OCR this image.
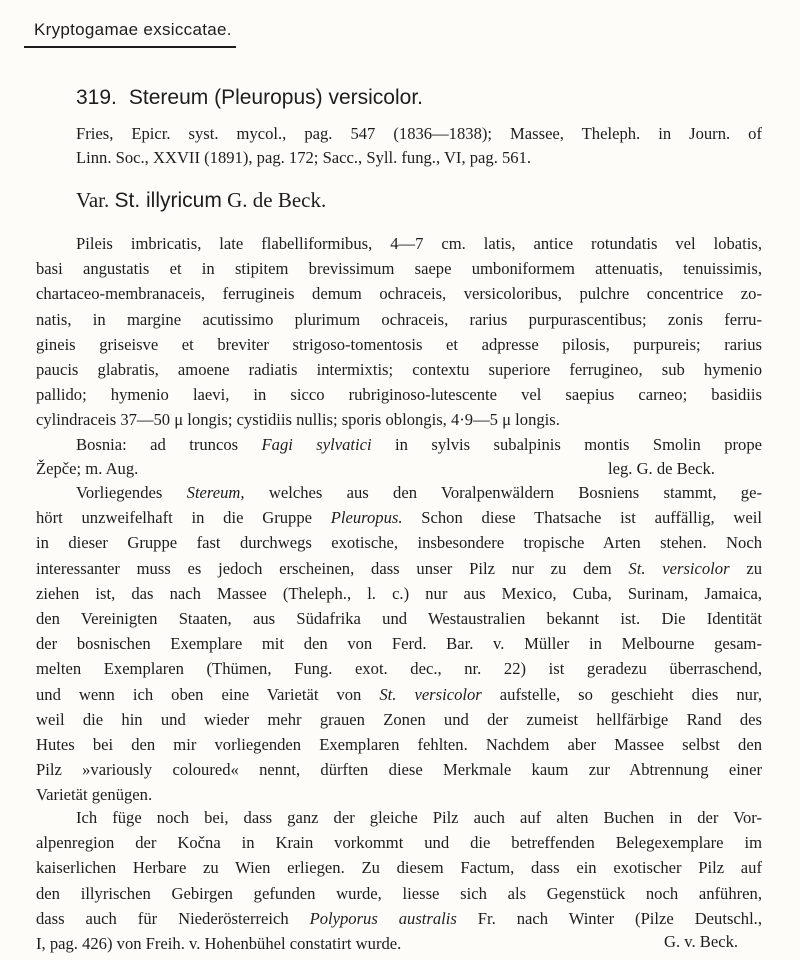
Kryptogamae exsiccatae.
319. Stereum (Pleuropus) versicolor.
Fries, Epicr. syst. mycol., pag. 547 (1836—1838); Massee, Theleph. in Journ. of
Linn. Soc., XXVII (1891), pag. 172; Sacc., Syll. fung., VI, pag. 561.
Var. St. illyricum G. de Beck.
Pileis imbricatis, late flabelliformibus, 4—7 cm. latis, antice rotundatis vel lobatis,
basi angustatis et in stipitem brevissimum saepe umboniformem attenuatis, tenuissimis,
chartaceo-membranaceis, ferrugineis demum ochraceis, versicoloribus, pulchre concentrice zo-
natis, in margine acutissimo plurimum ochraceis, rarius purpurascentibus; zonis ferru-
gineis griseisve et breviter strigoso-tomentosis et adpresse pilosis, purpureis; rarius
paucis glabratis, amoene radiatis intermixtis; contextu superiore ferrugineo, sub hymenio
pallido; hymenio laevi, in sicco rubriginoso-lutescente vel saepius carneo; basidiis
cylindraceis 37—50 μ longis; cystidiis nullis; sporis oblongis, 4·9—5 μ longis.
Bosnia: ad truncos Fagi sylvatici in sylvis subalpinis montis Smolin prope
Žepče; m. Aug.	leg. G. de Beck.
Vorliegendes Stereum, welches aus den Voralpenwäldern Bosniens stammt, ge-
hört unzweifelhaft in die Gruppe Pleuropus. Schon diese Thatsache ist auffällig, weil
in dieser Gruppe fast durchwegs exotische, insbesondere tropische Arten stehen. Noch
interessanter muss es jedoch erscheinen, dass unser Pilz nur zu dem St. versicolor zu
ziehen ist, das nach Massee (Theleph., l. c.) nur aus Mexico, Cuba, Surinam, Jamaica,
den Vereinigten Staaten, aus Südafrika und Westaustralien bekannt ist. Die Identität
der bosnischen Exemplare mit den von Ferd. Bar. v. Müller in Melbourne gesam-
melten Exemplaren (Thümen, Fung. exot. dec., nr. 22) ist geradezu überraschend,
und wenn ich oben eine Varietät von St. versicolor aufstelle, so geschieht dies nur,
weil die hin und wieder mehr grauen Zonen und der zumeist hellfärbige Rand des
Hutes bei den mir vorliegenden Exemplaren fehlten. Nachdem aber Massee selbst den
Pilz »variously coloured« nennt, dürften diese Merkmale kaum zur Abtrennung einer
Varietät genügen.
Ich füge noch bei, dass ganz der gleiche Pilz auch auf alten Buchen in der Vor-
alpenregion der Kočna in Krain vorkommt und die betreffenden Belegexemplare im
kaiserlichen Herbare zu Wien erliegen. Zu diesem Factum, dass ein exotischer Pilz auf
den illyrischen Gebirgen gefunden wurde, liesse sich als Gegenstück noch anführen,
dass auch für Niederösterreich Polyporus australis Fr. nach Winter (Pilze Deutschl.,
I, pag. 426) von Freih. v. Hohenbühel constatirt wurde.	G. v. Beck.
